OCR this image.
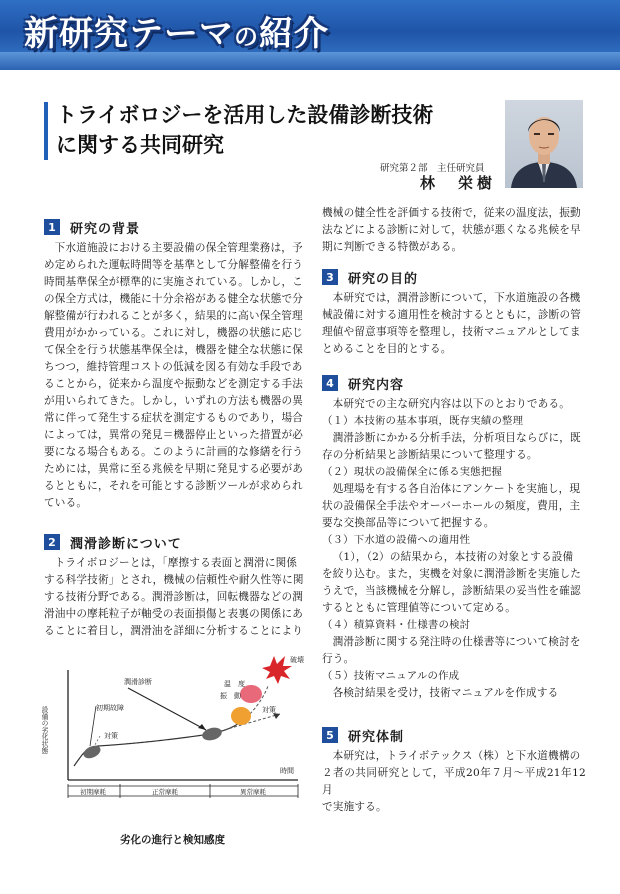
新研究テーマの紹介
トライボロジーを活用した設備診断技術
に関する共同研究
研究第２部　主任研究員
林　栄樹
1	研究の背景

下水道施設における主要設備の保全管理業務は，予

め定められた運転時間等を基準として分解整備を行う

時間基準保全が標準的に実施されている。しかし，こ

の保全方式は，機能に十分余裕がある健全な状態で分

解整備が行われることが多く，結果的に高い保全管理

費用がかかっている。これに対し，機器の状態に応じ

て保全を行う状態基準保全は，機器を健全な状態に保

ちつつ，維持管理コストの低減を図る有効な手段であ

ることから，従来から温度や振動などを測定する手法

が用いられてきた。しかし，いずれの方法も機器の異

常に伴って発生する症状を測定するものであり，場合

によっては，異常の発見＝機器停止といった措置が必

要になる場合もある。このように計画的な修繕を行う

ためには，異常に至る兆候を早期に発見する必要があ

るとともに，それを可能とする診断ツールが求められ

ている。

2	潤滑診断について

トライボロジーとは，「摩擦する表面と潤滑に関係

する科学技術」とされ，機械の信頼性や耐久性等に関

する技術分野である。潤滑診断は，回転機器などの潤

滑油中の摩耗粒子が軸受の表面損傷と表裏の関係にあ

ることに着目し，潤滑油を詳細に分析することにより

設備の劣化状態
時間
潤滑診断
初期故障
対策
対策
温　度
振　動
破壊
初期摩耗	正常摩耗	異常摩耗
劣化の進行と検知感度

機械の健全性を評価する技術で，従来の温度法，振動

法などによる診断に対して，状態が悪くなる兆候を早

期に判断できる特徴がある。

3	研究の目的

本研究では，潤滑診断について，下水道施設の各機

械設備に対する適用性を検討するとともに，診断の管

理値や留意事項等を整理し，技術マニュアルとしてま

とめることを目的とする。

4	研究内容

本研究での主な研究内容は以下のとおりである。

（１）本技術の基本事項，既存実績の整理

潤滑診断にかかる分析手法，分析項目ならびに，既

存の分析結果と診断結果について整理する。

（２）現状の設備保全に係る実態把握

処理場を有する各自治体にアンケートを実施し，現

状の設備保全手法やオーバーホールの頻度，費用，主

要な交換部品等について把握する。

（３）下水道の設備への適用性

（1），（2）の結果から，本技術の対象とする設備

を絞り込む。また，実機を対象に潤滑診断を実施した

うえで，当該機械を分解し，診断結果の妥当性を確認

するとともに管理値等について定める。

（４）積算資料・仕様書の検討

潤滑診断に関する発注時の仕様書等について検討を

行う。

（５）技術マニュアルの作成

各検討結果を受け，技術マニュアルを作成する

5	研究体制

本研究は，トライボテックス（株）と下水道機構の

２者の共同研究として，平成20年７月～平成21年12月

で実施する。
